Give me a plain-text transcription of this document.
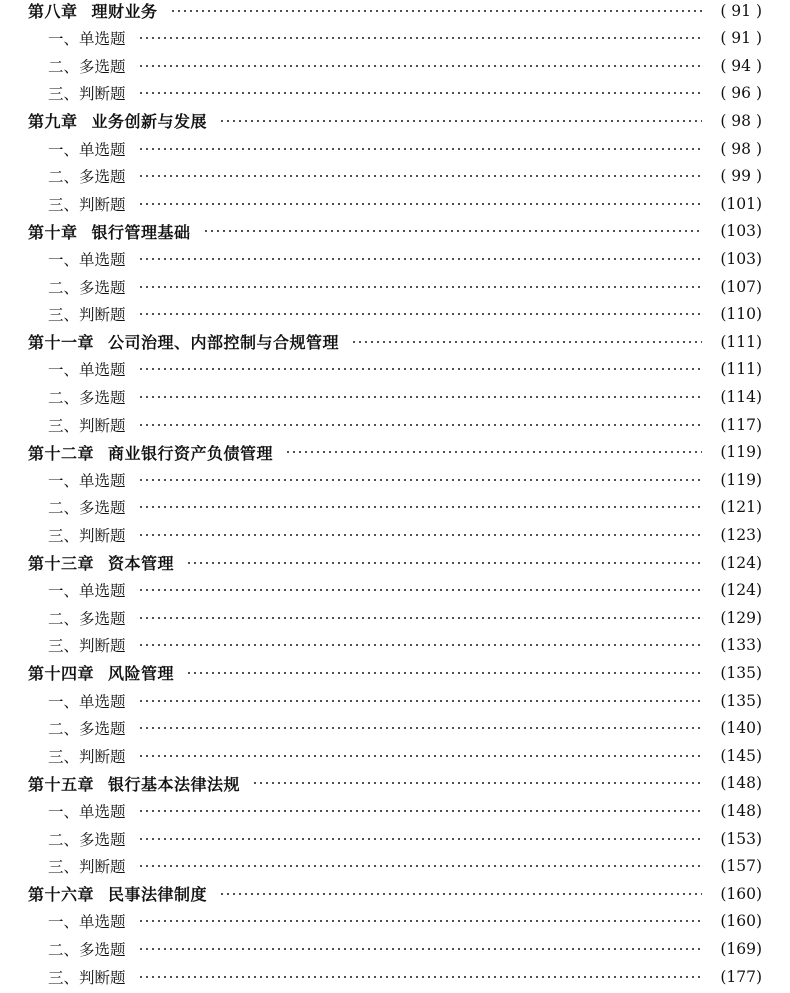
第八章 理财业务	( 91 )
一、单选题	( 91 )
二、多选题	( 94 )
三、判断题	( 96 )
第九章 业务创新与发展	( 98 )
一、单选题	( 98 )
二、多选题	( 99 )
三、判断题	(101)
第十章 银行管理基础	(103)
一、单选题	(103)
二、多选题	(107)
三、判断题	(110)
第十一章 公司治理、内部控制与合规管理	(111)
一、单选题	(111)
二、多选题	(114)
三、判断题	(117)
第十二章 商业银行资产负债管理	(119)
一、单选题	(119)
二、多选题	(121)
三、判断题	(123)
第十三章 资本管理	(124)
一、单选题	(124)
二、多选题	(129)
三、判断题	(133)
第十四章 风险管理	(135)
一、单选题	(135)
二、多选题	(140)
三、判断题	(145)
第十五章 银行基本法律法规	(148)
一、单选题	(148)
二、多选题	(153)
三、判断题	(157)
第十六章 民事法律制度	(160)
一、单选题	(160)
二、多选题	(169)
三、判断题	(177)
